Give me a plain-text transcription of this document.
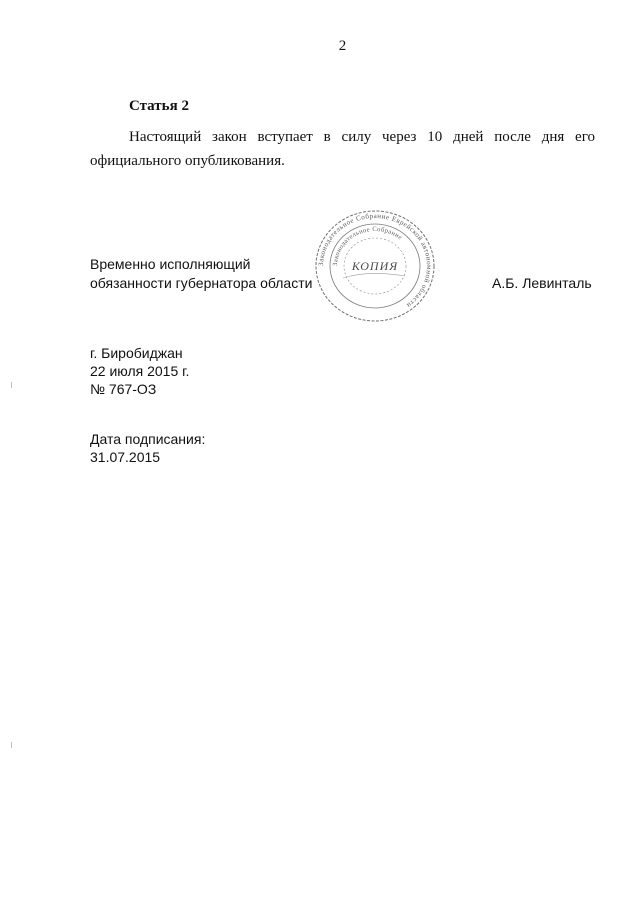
2
Статья 2
Настоящий закон вступает в силу через 10 дней после дня его
официального опубликования.
Временно исполняющий
обязанности губернатора области
Законодательное Собрание Еврейской автономной области
Законодательное Собрание
КОПИЯ
А.Б. Левинталь
г. Биробиджан
22 июля 2015 г.
№ 767-ОЗ
Дата подписания:
31.07.2015
